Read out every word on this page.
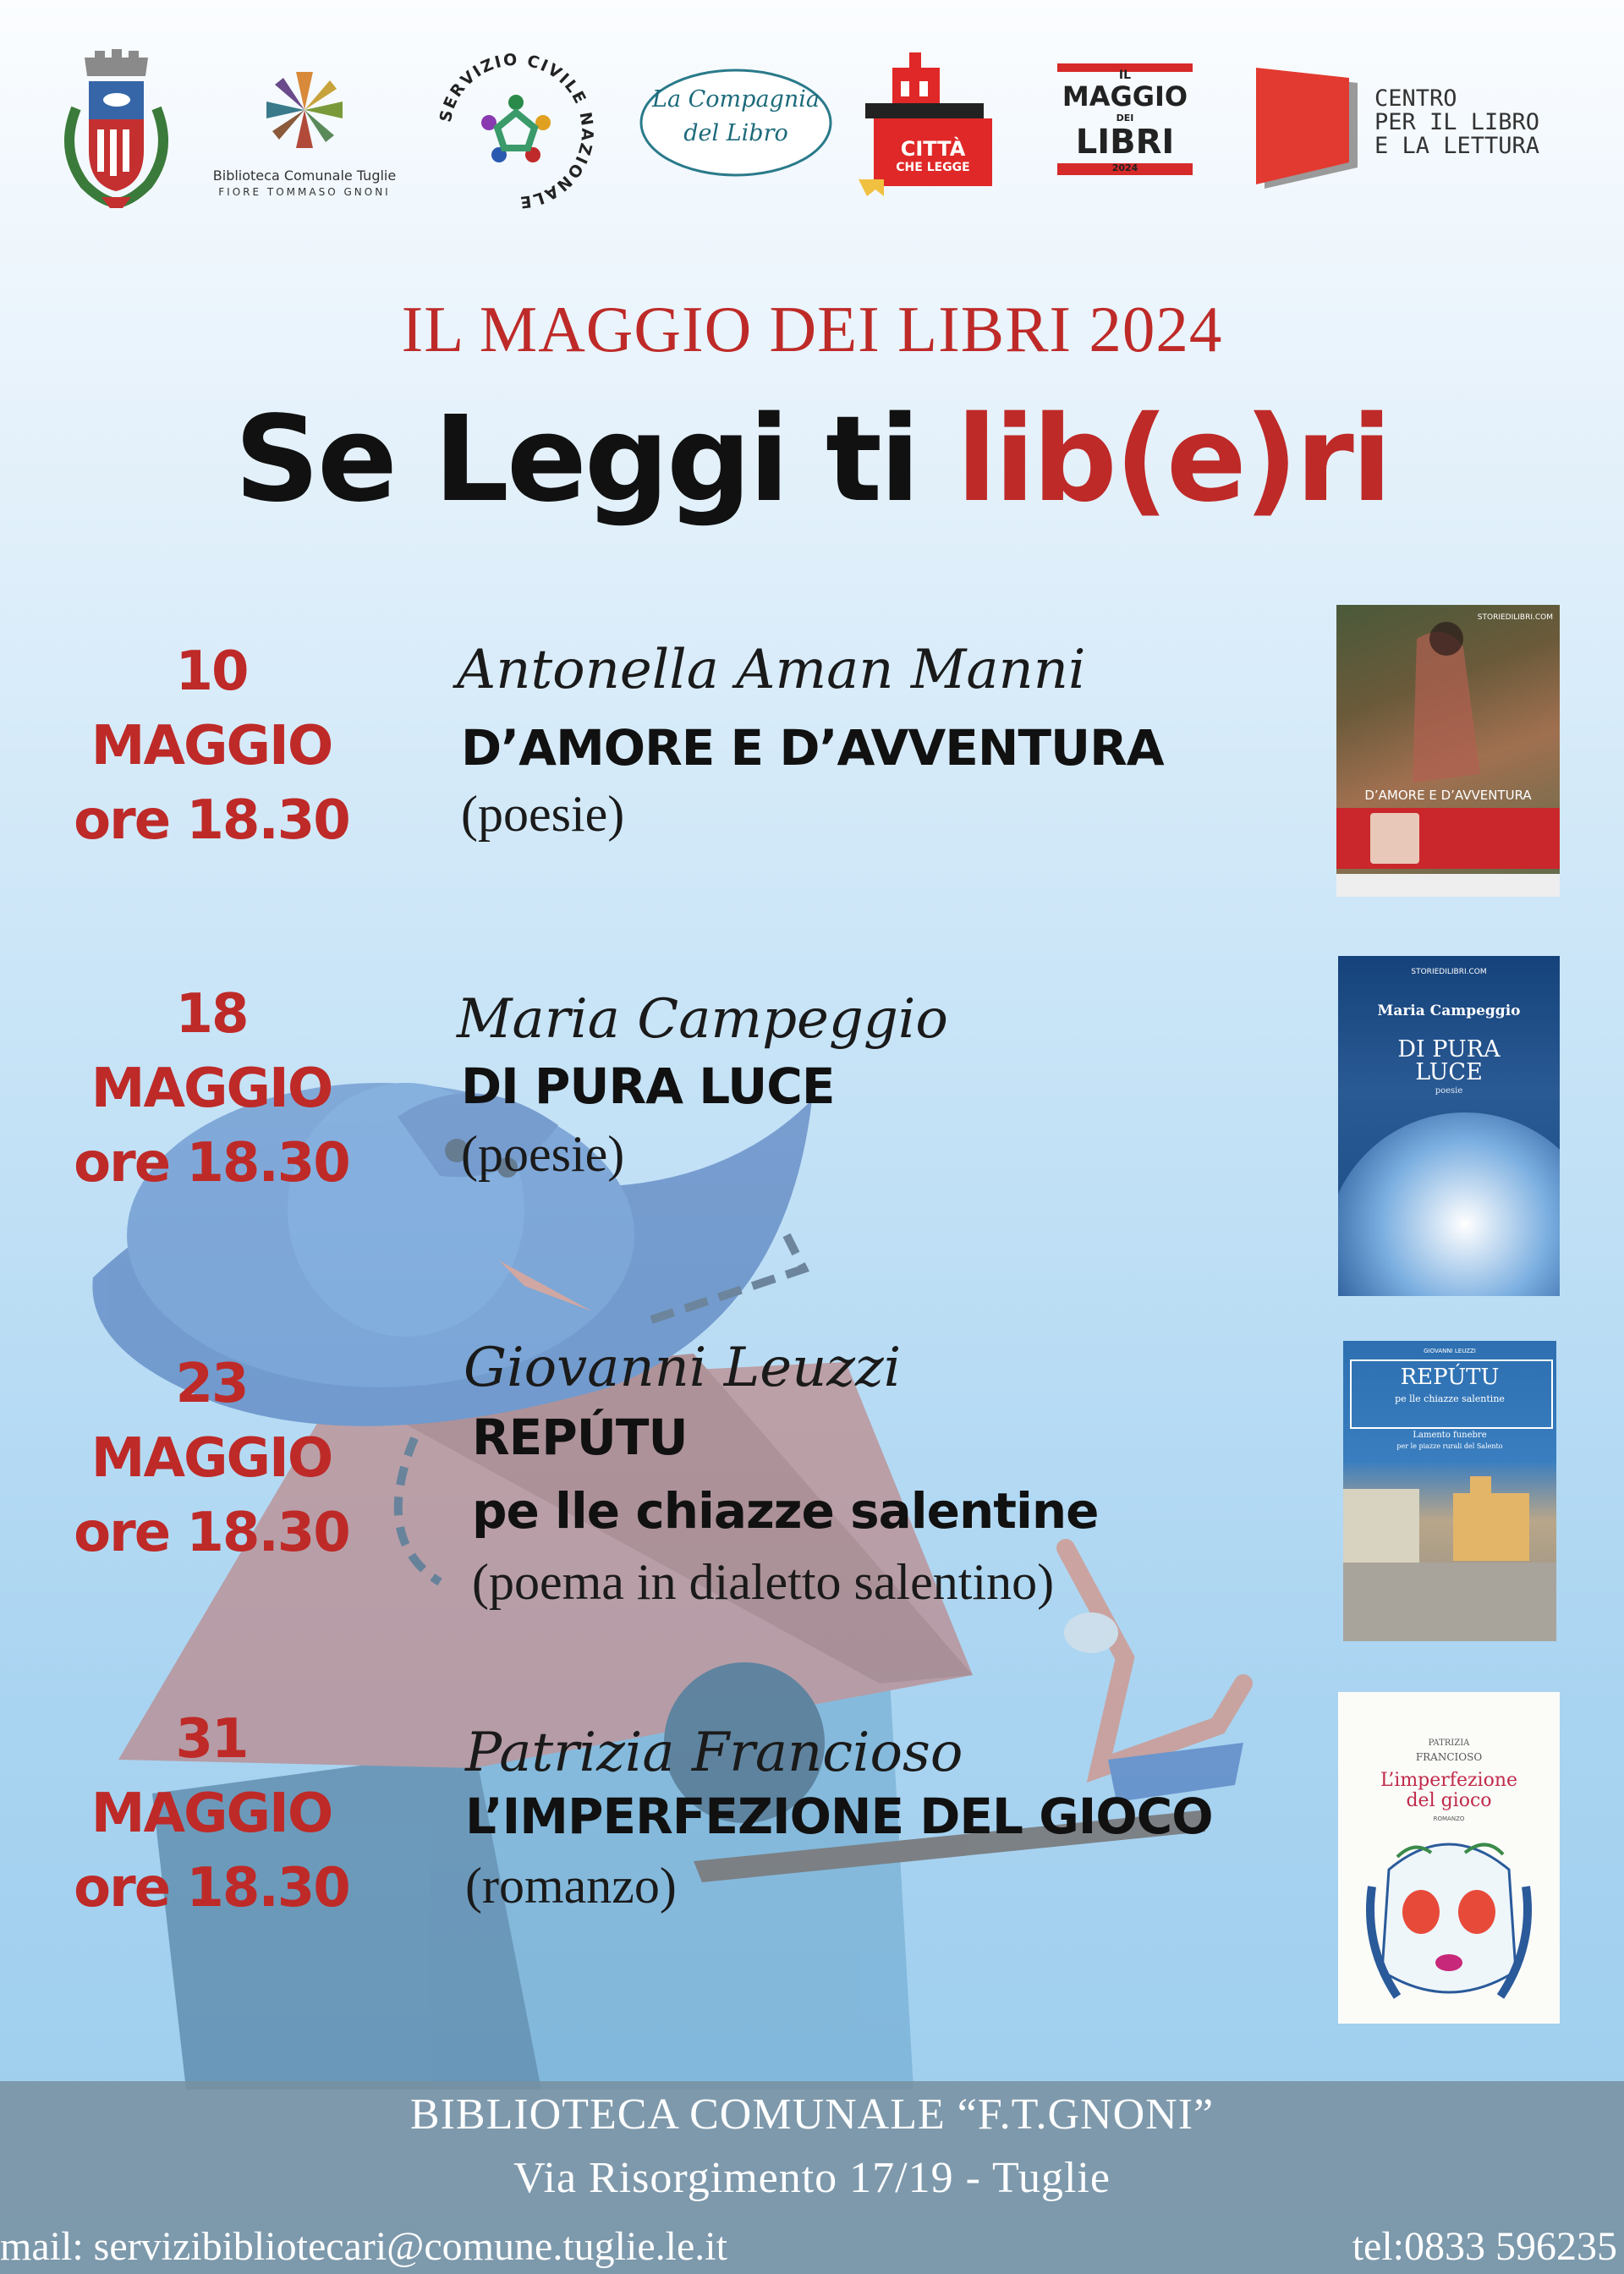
Biblioteca Comunale Tuglie
FIORE TOMMASO GNONI
SERVIZIO CIVILE NAZIONALE
La Compagnia
del Libro
CITTÀ
CHE LEGGE
IL
MAGGIO
DEI
LIBRI
2024
CENTRO
PER IL LIBRO
E LA LETTURA
IL MAGGIO DEI LIBRI 2024
Se Leggi ti lib(e)ri
10
MAGGIO
ore 18.30
Antonella Aman Manni
D’AMORE E D’AVVENTURA
(poesie)
STORIEDILIBRI.COM
D’AMORE E D’AVVENTURA
18
MAGGIO
ore 18.30
Maria Campeggio
DI PURA LUCE
(poesie)
STORIEDILIBRI.COM
Maria Campeggio
DI PURA
LUCE
poesie
23
MAGGIO
ore 18.30
Giovanni Leuzzi
REPÚTU
pe lle chiazze salentine
(poema in dialetto salentino)
GIOVANNI LEUZZI
REPÚTU
pe lle chiazze salentine
Lamento funebre
per le piazze rurali del Salento
31
MAGGIO
ore 18.30
Patrizia Francioso
L’IMPERFEZIONE DEL GIOCO
(romanzo)
PATRIZIA
FRANCIOSO
L’imperfezione
del gioco
ROMANZO
BIBLIOTECA COMUNALE “F.T.GNONI”
Via Risorgimento 17/19 - Tuglie
mail: servizibibliotecari@comune.tuglie.le.it	tel:0833 596235
